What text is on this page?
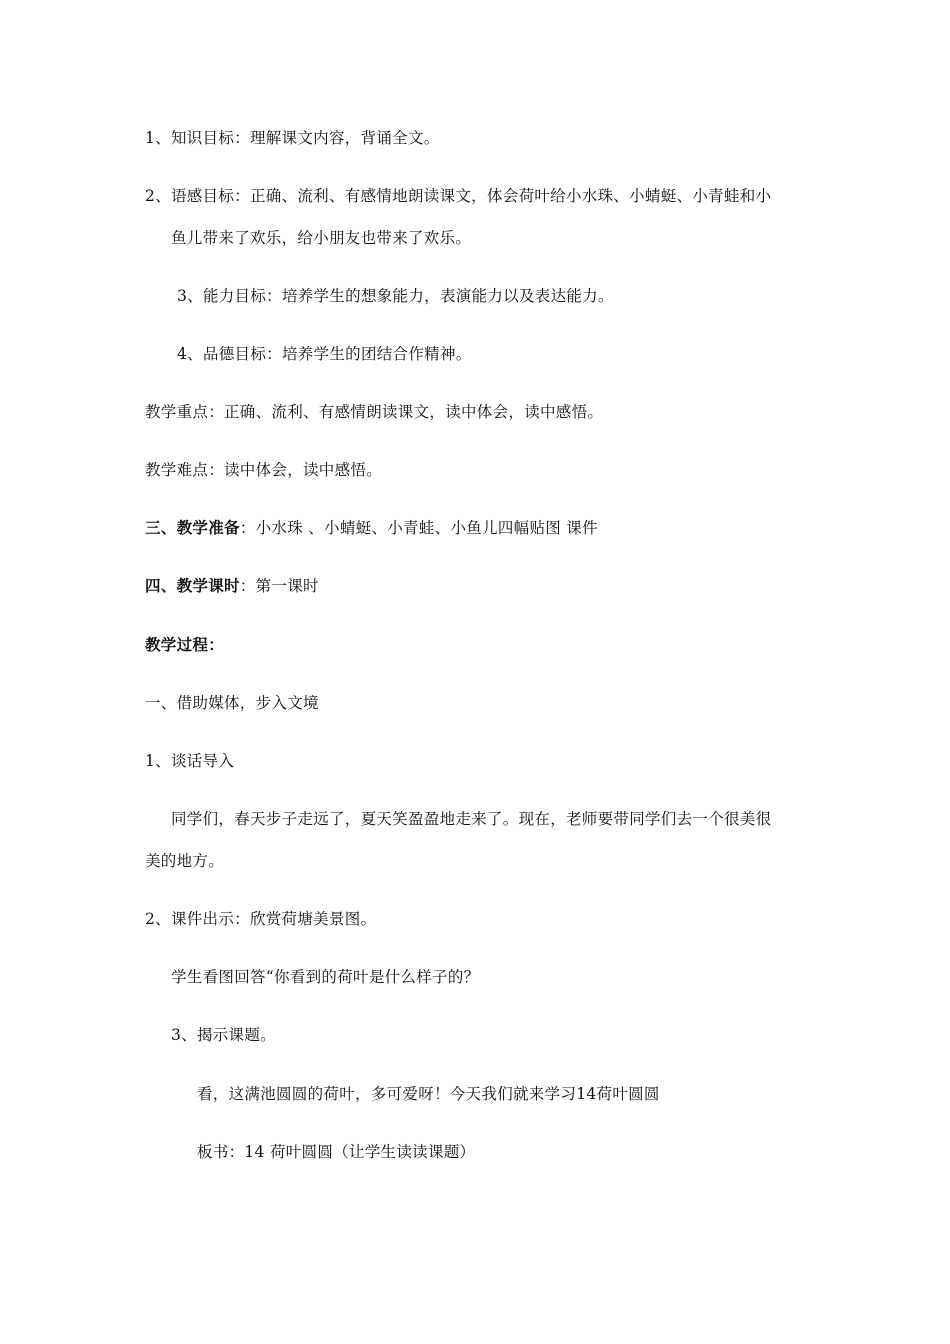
1、知识目标：理解课文内容，背诵全文。
2、语感目标：正确、流利、有感情地朗读课文，体会荷叶给小水珠、小蜻蜓、小青蛙和小
鱼儿带来了欢乐，给小朋友也带来了欢乐。
3、能力目标：培养学生的想象能力，表演能力以及表达能力。
4、品德目标：培养学生的团结合作精神。
教学重点：正确、流利、有感情朗读课文，读中体会，读中感悟。
教学难点：读中体会，读中感悟。
三、教学准备：小水珠 、小蜻蜓、小青蛙、小鱼儿四幅贴图 课件
四、教学课时：第一课时
教学过程：
一、借助媒体，步入文境
1、谈话导入
同学们，春天步子走远了，夏天笑盈盈地走来了。现在，老师要带同学们去一个很美很
美的地方。
2、课件出示：欣赏荷塘美景图。
学生看图回答“你看到的荷叶是什么样子的？
3、揭示课题。
看，这满池圆圆的荷叶，多可爱呀！今天我们就来学习14荷叶圆圆
板书：14 荷叶圆圆（让学生读读课题）
